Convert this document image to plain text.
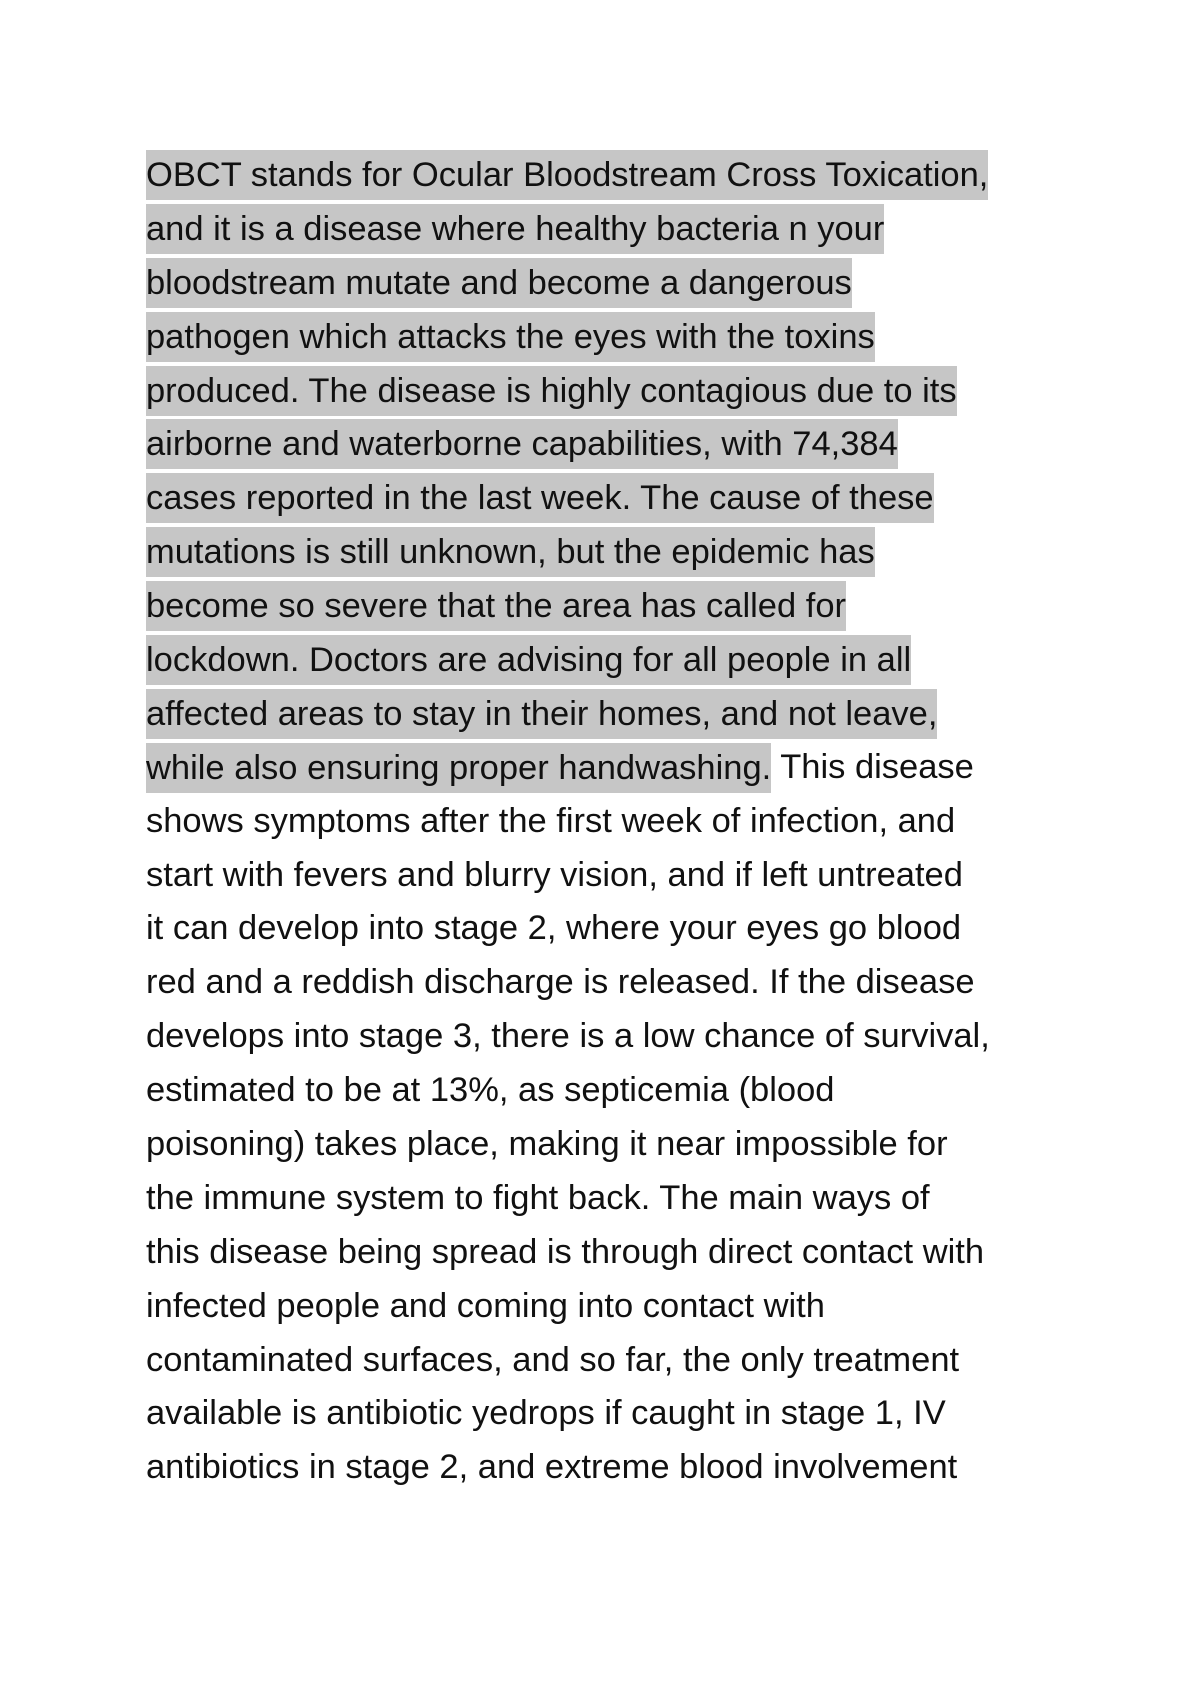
OBCT stands for Ocular Bloodstream Cross Toxication,
and it is a disease where healthy bacteria n your
bloodstream mutate and become a dangerous
pathogen which attacks the eyes with the toxins
produced. The disease is highly contagious due to its
airborne and waterborne capabilities, with 74,384
cases reported in the last week. The cause of these
mutations is still unknown, but the epidemic has
become so severe that the area has called for
lockdown. Doctors are advising for all people in all
affected areas to stay in their homes, and not leave,
while also ensuring proper handwashing. This disease
shows symptoms after the first week of infection, and
start with fevers and blurry vision, and if left untreated
it can develop into stage 2, where your eyes go blood
red and a reddish discharge is released. If the disease
develops into stage 3, there is a low chance of survival,
estimated to be at 13%, as septicemia (blood
poisoning) takes place, making it near impossible for
the immune system to fight back. The main ways of
this disease being spread is through direct contact with
infected people and coming into contact with
contaminated surfaces, and so far, the only treatment
available is antibiotic yedrops if caught in stage 1, IV
antibiotics in stage 2, and extreme blood involvement
